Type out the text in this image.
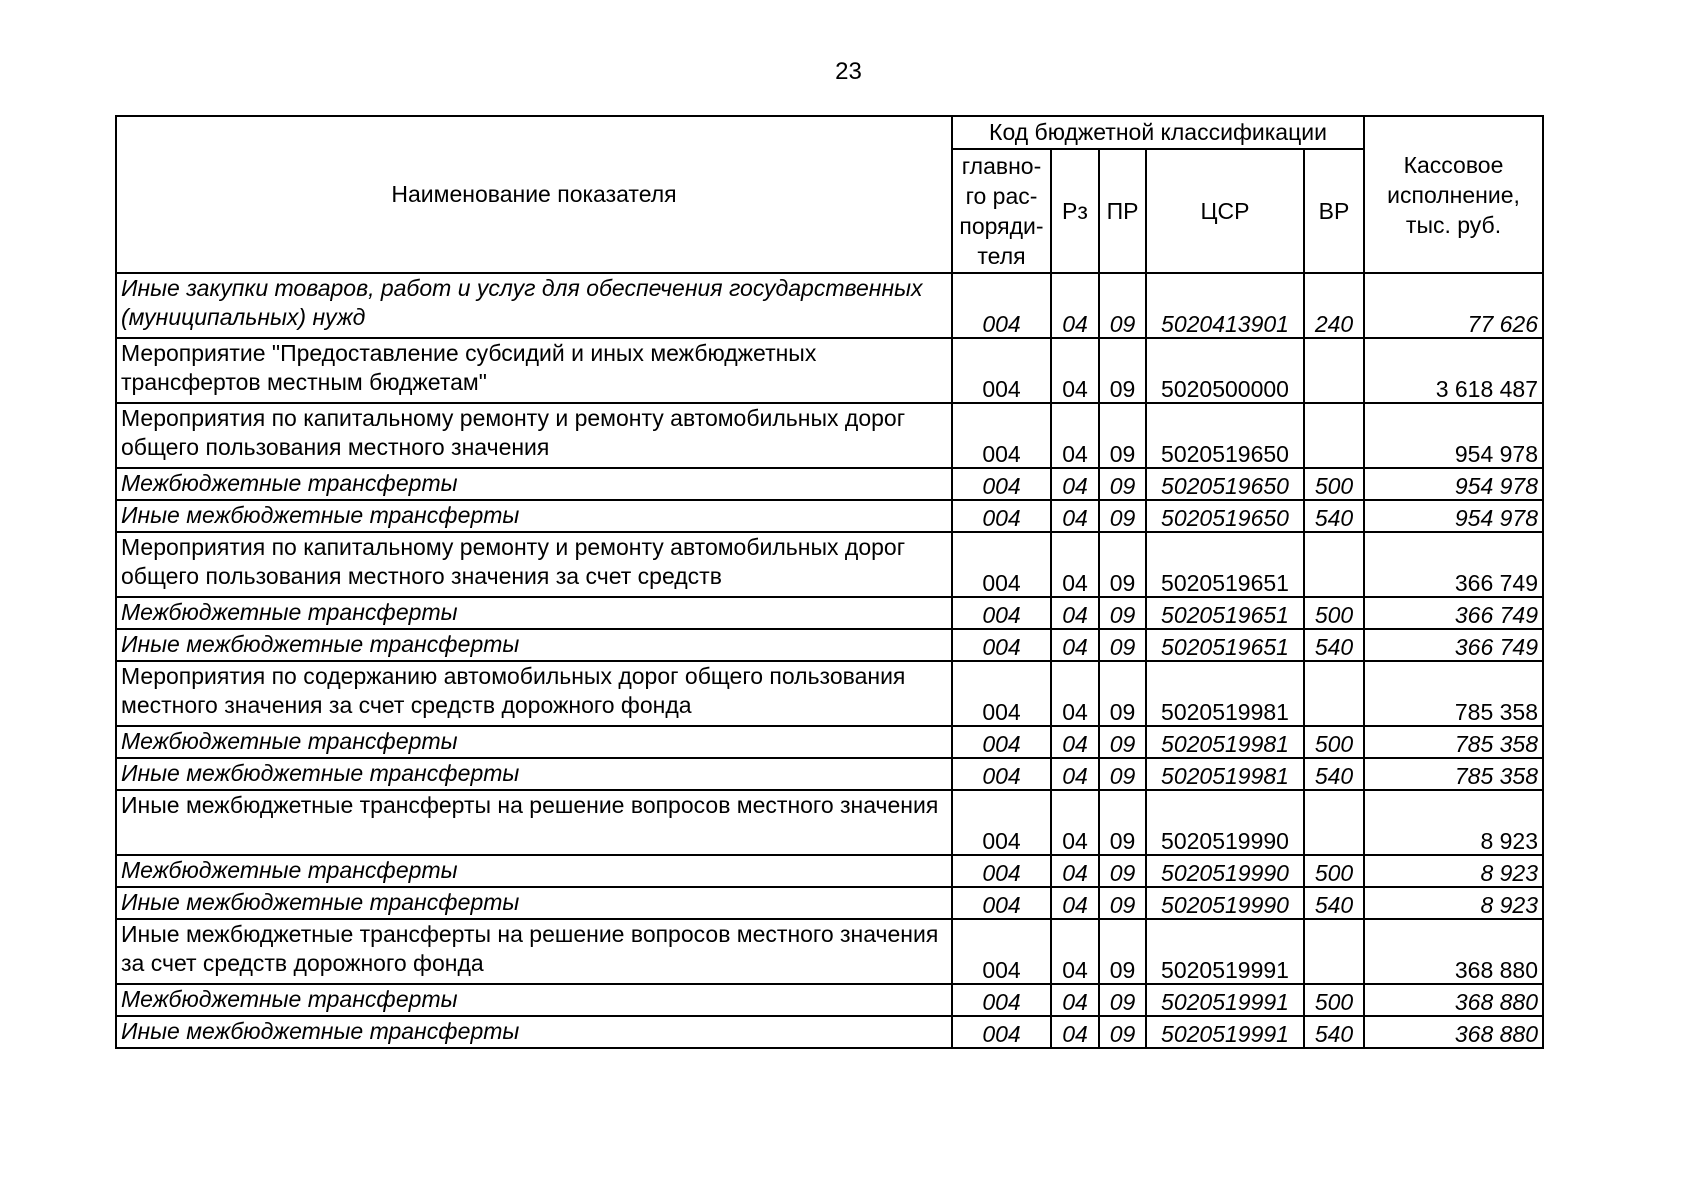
23
Наименование показателя	Код бюджетной классификации					Кассовое исполнение, тыс. руб.
	главно-го рас-поряди-теля	Рз	ПР	ЦСР	ВР	
Иные закупки товаров, работ и услуг для обеспечения государственных (муниципальных) нужд	004	04	09	5020413901	240	77 626
Мероприятие "Предоставление субсидий и иных межбюджетных трансфертов местным бюджетам"	004	04	09	5020500000		3 618 487
Мероприятия по капитальному ремонту и ремонту автомобильных дорог общего пользования местного значения	004	04	09	5020519650		954 978
Межбюджетные трансферты	004	04	09	5020519650	500	954 978
Иные межбюджетные трансферты	004	04	09	5020519650	540	954 978
Мероприятия по капитальному ремонту и ремонту автомобильных дорог общего пользования местного значения за счет средств	004	04	09	5020519651		366 749
Межбюджетные трансферты	004	04	09	5020519651	500	366 749
Иные межбюджетные трансферты	004	04	09	5020519651	540	366 749
Мероприятия по содержанию автомобильных дорог общего пользования местного значения за счет средств дорожного фонда	004	04	09	5020519981		785 358
Межбюджетные трансферты	004	04	09	5020519981	500	785 358
Иные межбюджетные трансферты	004	04	09	5020519981	540	785 358
Иные межбюджетные трансферты на решение вопросов местного значения	004	04	09	5020519990		8 923
Межбюджетные трансферты	004	04	09	5020519990	500	8 923
Иные межбюджетные трансферты	004	04	09	5020519990	540	8 923
Иные межбюджетные трансферты на решение вопросов местного значения за счет средств дорожного фонда	004	04	09	5020519991		368 880
Межбюджетные трансферты	004	04	09	5020519991	500	368 880
Иные межбюджетные трансферты	004	04	09	5020519991	540	368 880
